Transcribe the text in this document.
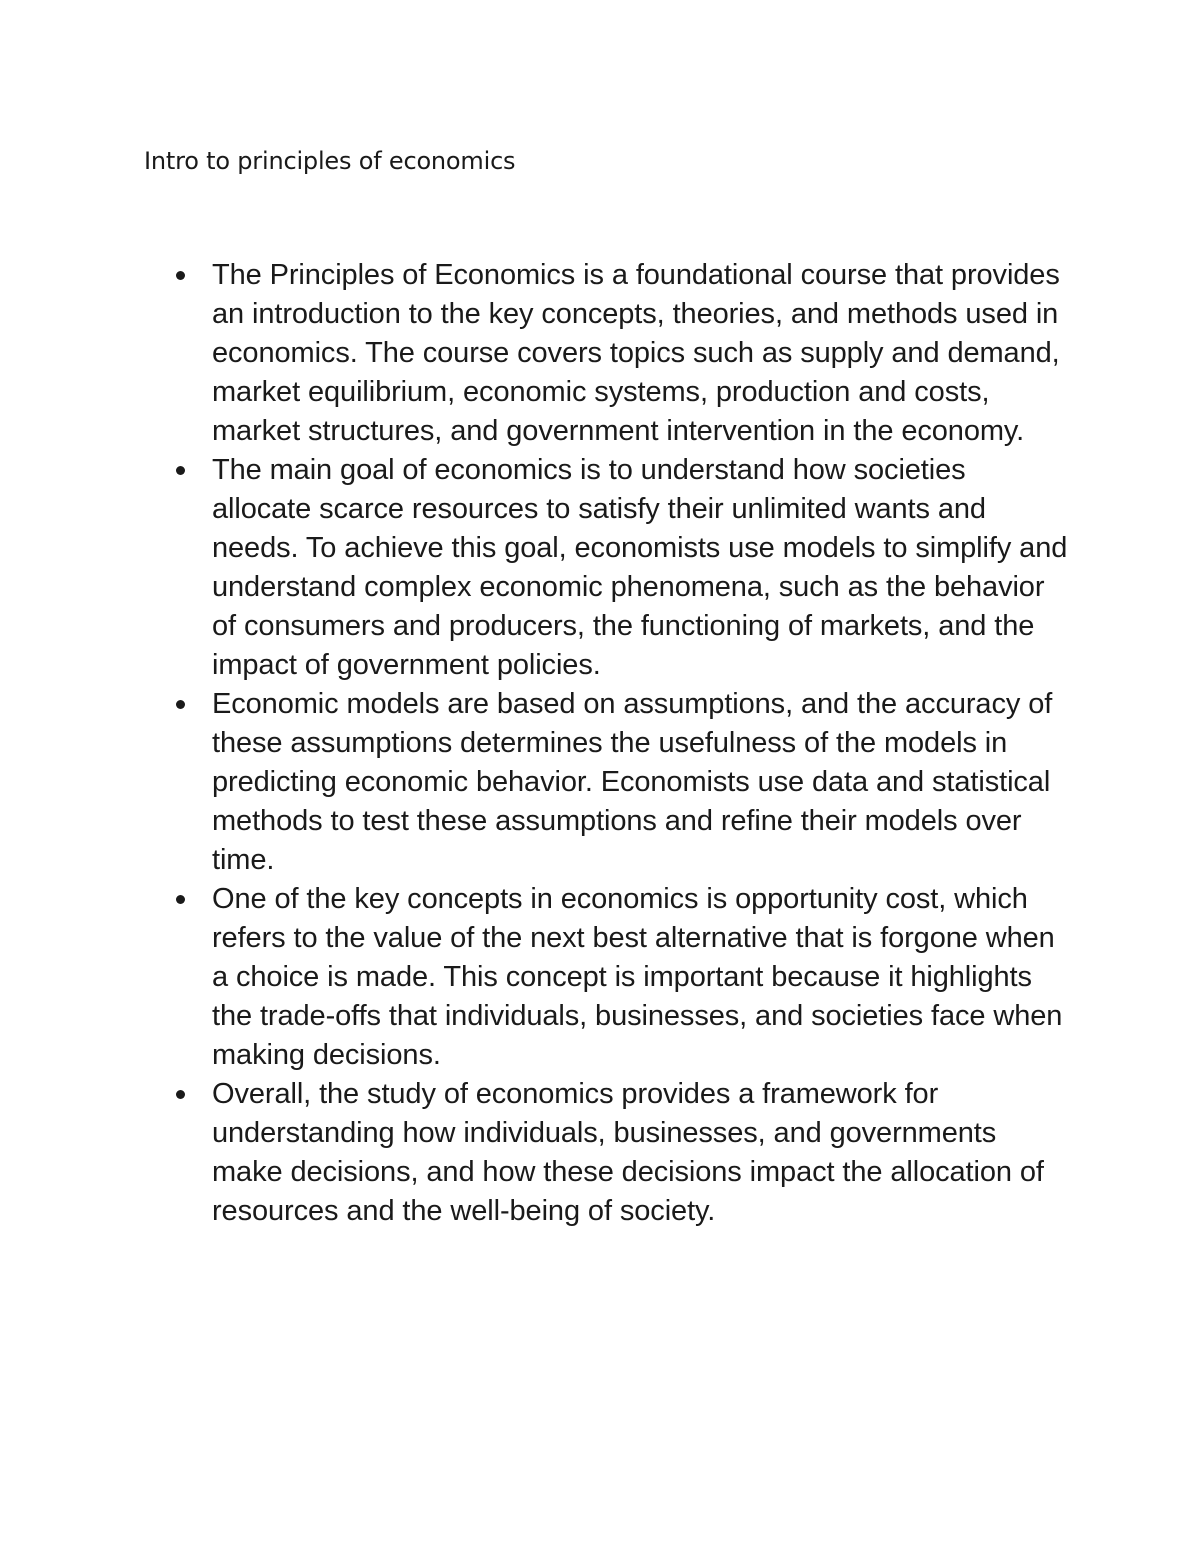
Intro to principles of economics
The Principles of Economics is a foundational course that provides an introduction to the key concepts, theories, and methods used in economics. The course covers topics such as supply and demand, market equilibrium, economic systems, production and costs, market structures, and government intervention in the economy.
The main goal of economics is to understand how societies allocate scarce resources to satisfy their unlimited wants and needs. To achieve this goal, economists use models to simplify and understand complex economic phenomena, such as the behavior of consumers and producers, the functioning of markets, and the impact of government policies.
Economic models are based on assumptions, and the accuracy of these assumptions determines the usefulness of the models in predicting economic behavior. Economists use data and statistical methods to test these assumptions and refine their models over time.
One of the key concepts in economics is opportunity cost, which refers to the value of the next best alternative that is forgone when a choice is made. This concept is important because it highlights the trade-offs that individuals, businesses, and societies face when making decisions.
Overall, the study of economics provides a framework for understanding how individuals, businesses, and governments make decisions, and how these decisions impact the allocation of resources and the well-being of society.
